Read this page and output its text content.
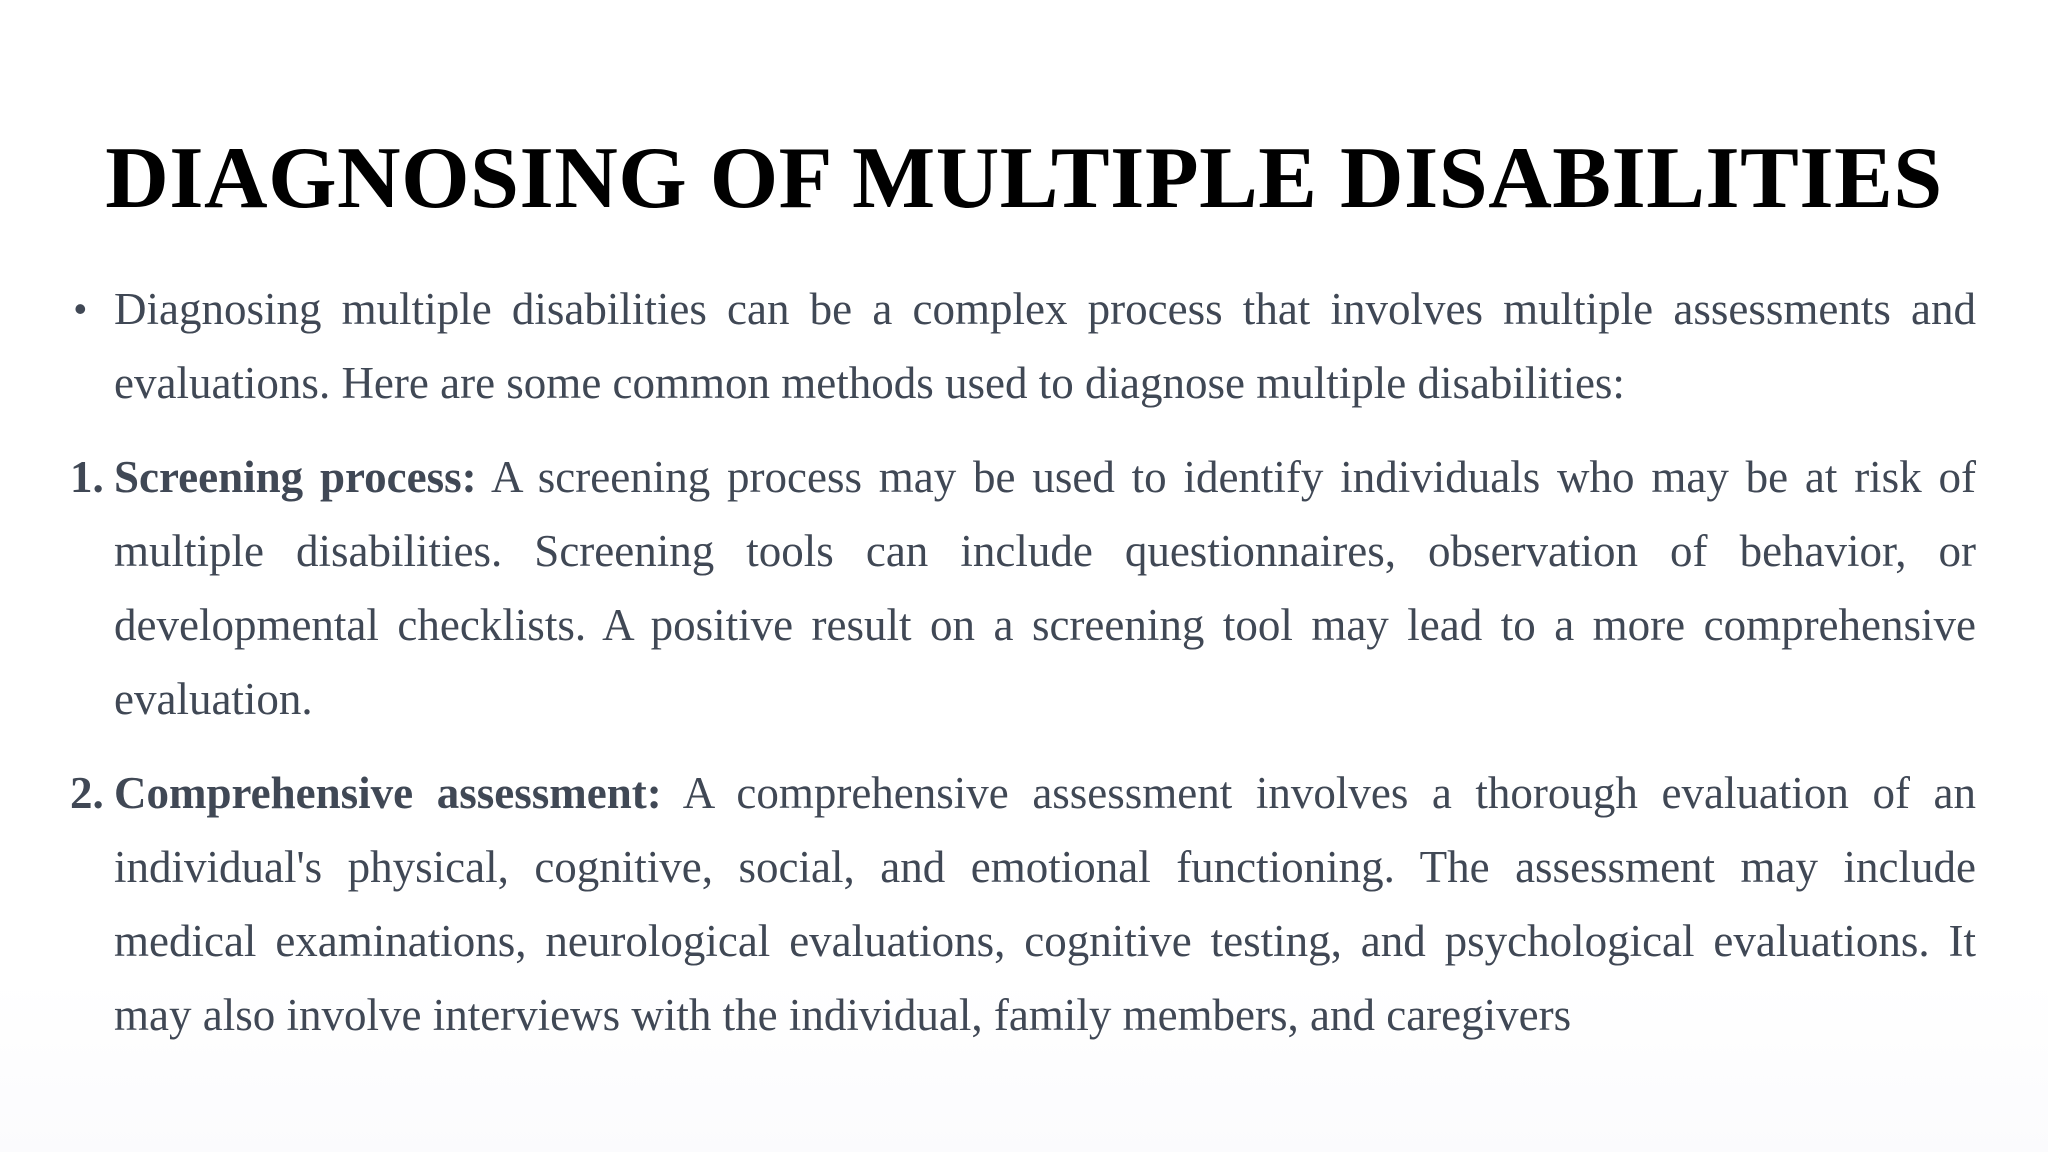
DIAGNOSING OF MULTIPLE DISABILITIES
• Diagnosing multiple disabilities can be a complex process that involves multiple assessments and evaluations. Here are some common methods used to diagnose multiple disabilities:
1. Screening process: A screening process may be used to identify individuals who may be at risk of multiple disabilities. Screening tools can include questionnaires, observation of behavior, or developmental checklists. A positive result on a screening tool may lead to a more comprehensive evaluation.
2. Comprehensive assessment: A comprehensive assessment involves a thorough evaluation of an individual's physical, cognitive, social, and emotional functioning. The assessment may include medical examinations, neurological evaluations, cognitive testing, and psychological evaluations. It may also involve interviews with the individual, family members, and caregivers
